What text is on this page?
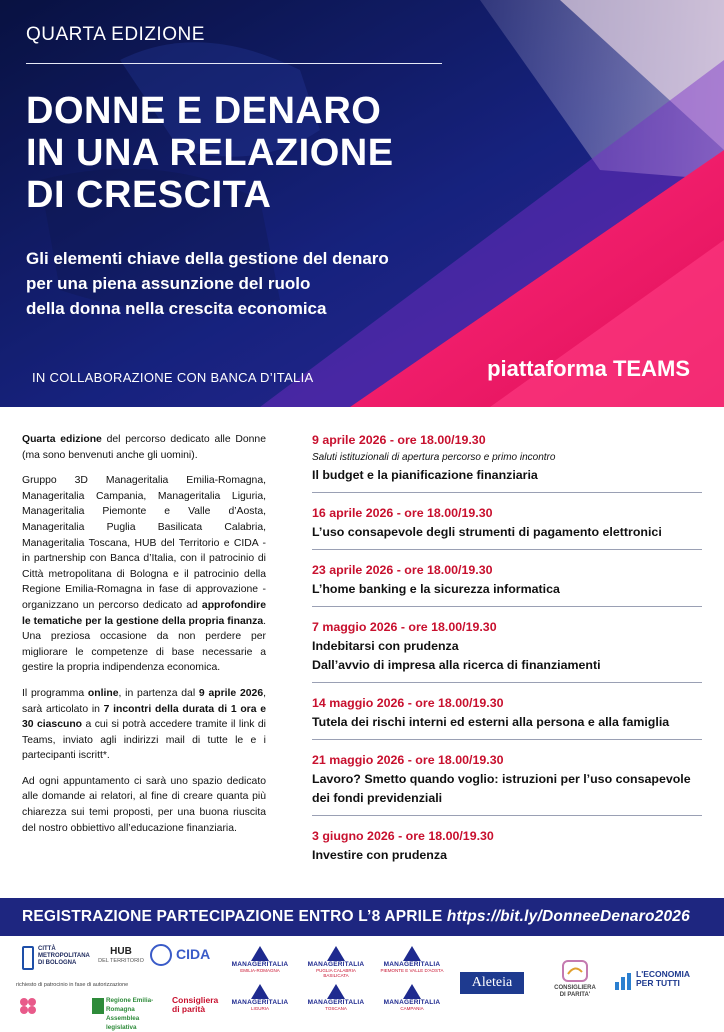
QUARTA EDIZIONE
DONNE E DENARO
IN UNA RELAZIONE
DI CRESCITA
Gli elementi chiave della gestione del denaro
per una piena assunzione del ruolo
della donna nella crescita economica
IN COLLABORAZIONE CON BANCA D’ITALIA	piattaforma TEAMS

Quarta edizione del percorso dedicato alle Donne (ma sono benvenuti anche gli uomini).

Gruppo 3D Manageritalia Emilia-Romagna, Manageritalia Campania, Manageritalia Liguria, Manageritalia Piemonte e Valle d’Aosta, Manageritalia Puglia Basilicata Calabria, Manageritalia Toscana, HUB del Territorio e CIDA - in partnership con Banca d’Italia, con il patrocinio di Città metropolitana di Bologna e il patrocinio della Regione Emilia-Romagna in fase di approvazione - organizzano un percorso dedicato ad approfondire le tematiche per la gestione della propria finanza. Una preziosa occasione da non perdere per migliorare le competenze di base necessarie a gestire la propria indipendenza economica.

Il programma online, in partenza dal 9 aprile 2026, sarà articolato in 7 incontri della durata di 1 ora e 30 ciascuno a cui si potrà accedere tramite il link di Teams, inviato agli indirizzi mail di tutte le e i partecipanti iscritt*.

Ad ogni appuntamento ci sarà uno spazio dedicato alle domande ai relatori, al fine di creare quanta più chiarezza sui temi proposti, per una buona riuscita del nostro obbiettivo all’educazione finanziaria.

9 aprile 2026 - ore 18.00/19.30
Saluti istituzionali di apertura percorso e primo incontro
Il budget e la pianificazione finanziaria
16 aprile 2026 - ore 18.00/19.30
L’uso consapevole degli strumenti di pagamento elettronici
23 aprile 2026 - ore 18.00/19.30
L’home banking e la sicurezza informatica
7 maggio 2026 - ore 18.00/19.30
Indebitarsi con prudenza
Dall’avvio di impresa alla ricerca di finanziamenti
14 maggio 2026 - ore 18.00/19.30
Tutela dei rischi interni ed esterni alla persona e alla famiglia
21 maggio 2026 - ore 18.00/19.30
Lavoro? Smetto quando voglio: istruzioni per l’uso consapevole
dei fondi previdenziali
3 giugno 2026 - ore 18.00/19.30
Investire con prudenza
REGISTRAZIONE PARTECIPAZIONE ENTRO L’8 APRILE https://bit.ly/DonneeDenaro2026
CITTÀ
METROPOLITANA
DI BOLOGNA
HUB
DEL TERRITORIO CIDA
richiesto di patrocinio in fase di autorizzazione
Regione Emilia-Romagna
Assemblea legislativa
Consigliera
di parità
MANAGERITALIA
EMILIA-ROMAGNA
MANAGERITALIA
PUGLIA CALABRIA BASILICATA
MANAGERITALIA
PIEMONTE E VALLE D'AOSTA
MANAGERITALIA
LIGURIA
MANAGERITALIA
TOSCANA
MANAGERITALIA
CAMPANIA
Aleteia	CONSIGLIERA
DI PARITA'
L'ECONOMIA
PER TUTTI
